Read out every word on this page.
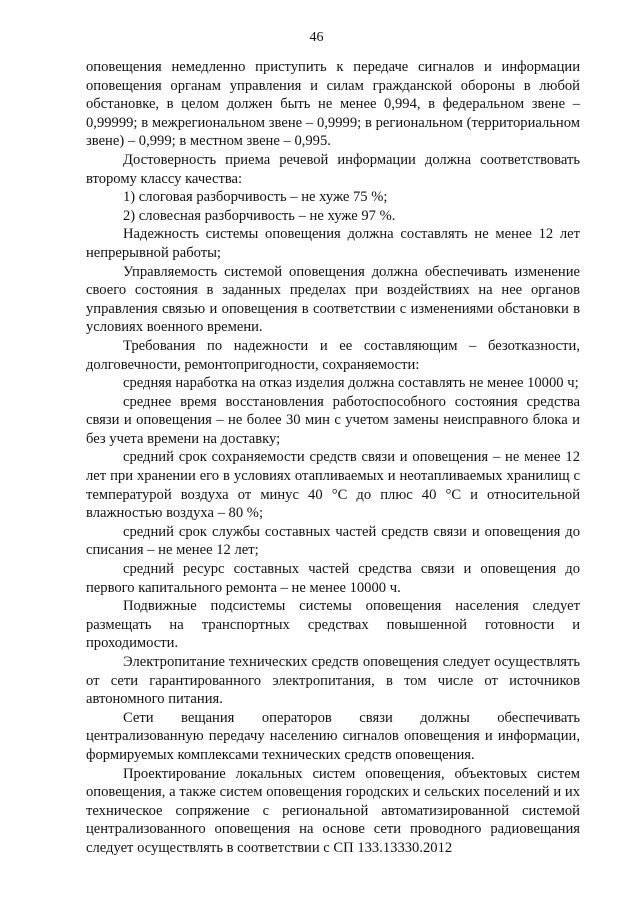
46

оповещения немедленно приступить к передаче сигналов и информации оповещения органам управления и силам гражданской обороны в любой обстановке, в целом должен быть не менее 0,994, в федеральном звене – 0,99999; в межрегиональном звене – 0,9999; в региональном (территориальном звене) – 0,999; в местном звене – 0,995.

Достоверность приема речевой информации должна соответствовать второму классу качества:

1) слоговая разборчивость – не хуже 75 %;

2) словесная разборчивость – не хуже 97 %.

Надежность системы оповещения должна составлять не менее 12 лет непрерывной работы;

Управляемость системой оповещения должна обеспечивать изменение своего состояния в заданных пределах при воздействиях на нее органов управления связью и оповещения в соответствии с изменениями обстановки в условиях военного времени.

Требования по надежности и ее составляющим – безотказности, долговечности, ремонтопригодности, сохраняемости:

средняя наработка на отказ изделия должна составлять не менее 10000 ч;

среднее время восстановления работоспособного состояния средства связи и оповещения – не более 30 мин с учетом замены неисправного блока и без учета времени на доставку;

средний срок сохраняемости средств связи и оповещения – не менее 12 лет при хранении его в условиях отапливаемых и неотапливаемых хранилищ с температурой воздуха от минус 40 °С до плюс 40 °С и относительной влажностью воздуха – 80 %;

средний срок службы составных частей средств связи и оповещения до списания – не менее 12 лет;

средний ресурс составных частей средства связи и оповещения до первого капитального ремонта – не менее 10000 ч.

Подвижные подсистемы системы оповещения населения следует размещать на транспортных средствах повышенной готовности и проходимости.

Электропитание технических средств оповещения следует осуществлять от сети гарантированного электропитания, в том числе от источников автономного питания.

Сети вещания операторов связи должны обеспечивать централизованную передачу населению сигналов оповещения и информации, формируемых комплексами технических средств оповещения.

Проектирование локальных систем оповещения, объектовых систем оповещения, а также систем оповещения городских и сельских поселений и их техническое сопряжение с региональной автоматизированной системой централизованного оповещения на основе сети проводного радиовещания следует осуществлять в соответствии с СП 133.13330.2012
